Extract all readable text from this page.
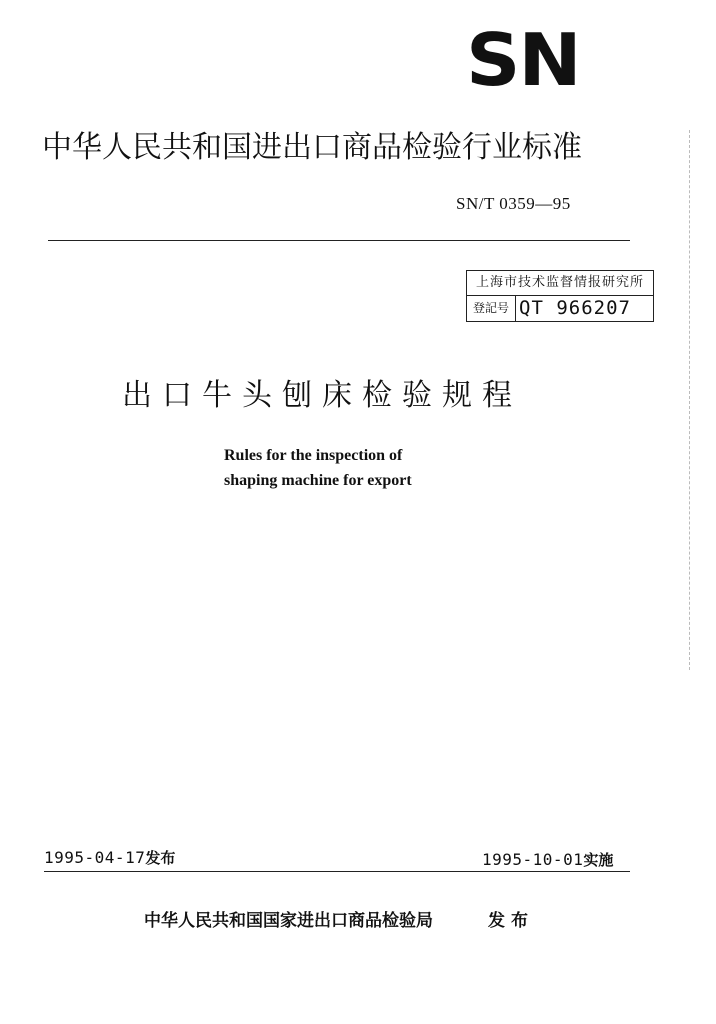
SN
中华人民共和国进出口商品检验行业标准
SN/T 0359—95
上海市技术监督情报研究所
登記号 QT 966207
出口牛头刨床检验规程
Rules for the inspection of
shaping machine for export
1995-04-17发布	1995-10-01实施
中华人民共和国国家进出口商品检验局	发布
